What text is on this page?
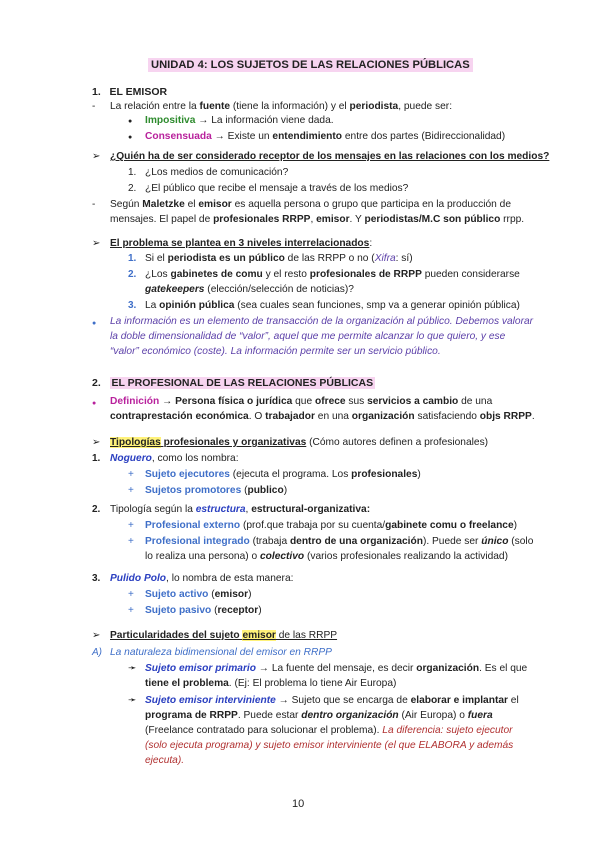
UNIDAD 4: LOS SUJETOS DE LAS RELACIONES PÚBLICAS
1. EL EMISOR
- La relación entre la fuente (tiene la información) y el periodista, puede ser:
● Impositiva → La información viene dada.
● Consensuada → Existe un entendimiento entre dos partes (Bidireccionalidad)
➢ ¿Quién ha de ser considerado receptor de los mensajes en las relaciones con los medios?
1. ¿Los medios de comunicación?
2. ¿El público que recibe el mensaje a través de los medios?
- Según Maletzke el emisor es aquella persona o grupo que participa en la producción de
mensajes. El papel de profesionales RRPP, emisor. Y periodistas/M.C son público rrpp.
➢ El problema se plantea en 3 niveles interrelacionados:
1. Si el periodista es un público de las RRPP o no (Xifra: sí)
2. ¿Los gabinetes de comu y el resto profesionales de RRPP pueden considerarse
gatekeepers (elección/selección de noticias)?
3. La opinión pública (sea cuales sean funciones, smp va a generar opinión pública)
● La información es un elemento de transacción de la organización al público. Debemos valorar
la doble dimensionalidad de “valor”, aquel que me permite alcanzar lo que quiero, y ese
“valor” económico (coste). La información permite ser un servicio público.
2. EL PROFESIONAL DE LAS RELACIONES PÚBLICAS
● Definición → Persona física o jurídica que ofrece sus servicios a cambio de una
contraprestación económica. O trabajador en una organización satisfaciendo objs RRPP.
➢ Tipologías profesionales y organizativas (Cómo autores definen a profesionales)
1. Noguero, como los nombra:
+ Sujeto ejecutores (ejecuta el programa. Los profesionales)
+ Sujetos promotores (publico)
2. Tipología según la estructura, estructural-organizativa:
+ Profesional externo (prof.que trabaja por su cuenta/gabinete comu o freelance)
+ Profesional integrado (trabaja dentro de una organización). Puede ser único (solo
lo realiza una persona) o colectivo (varios profesionales realizando la actividad)
3. Pulido Polo, lo nombra de esta manera:
+ Sujeto activo (emisor)
+ Sujeto pasivo (receptor)
➢ Particularidades del sujeto emisor de las RRPP
A) La naturaleza bidimensional del emisor en RRPP
➛ Sujeto emisor primario → La fuente del mensaje, es decir organización. Es el que
tiene el problema. (Ej: El problema lo tiene Air Europa)
➛ Sujeto emisor interviniente → Sujeto que se encarga de elaborar e implantar el
programa de RRPP. Puede estar dentro organización (Air Europa) o fuera
(Freelance contratado para solucionar el problema). La diferencia: sujeto ejecutor
(solo ejecuta programa) y sujeto emisor interviniente (el que ELABORA y además
ejecuta).
10
